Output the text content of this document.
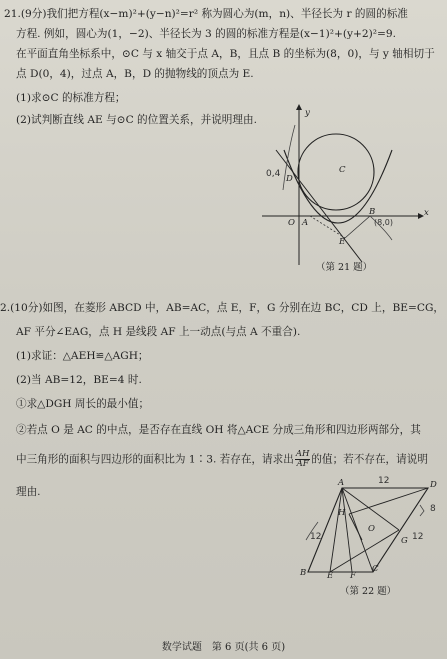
21.(9分)我们把方程(x−m)²+(y−n)²=r² 称为圆心为(m，n)、半径长为 r 的圆的标准
方程. 例如，圆心为(1，−2)、半径长为 3 的圆的标准方程是(x−1)²+(y+2)²=9.
在平面直角坐标系中，⊙C 与 x 轴交于点 A，B，且点 B 的坐标为(8，0)，与 y 轴相切于
点 D(0，4)，过点 A，B，D 的抛物线的顶点为 E.
(1)求⊙C 的标准方程；
(2)试判断直线 AE 与⊙C 的位置关系，并说明理由.
y
x
O A
B
C
D
E
0,4
(8,0)
（第 21 题）
2.(10分)如图，在菱形 ABCD 中，AB=AC，点 E，F，G 分别在边 BC，CD 上，BE=CG，
AF 平分∠EAG，点 H 是线段 AF 上一动点(与点 A 不重合).
(1)求证：△AEH≌△AGH；
(2)当 AB=12，BE=4 时.
①求△DGH 周长的最小值；
②若点 O 是 AC 的中点，是否存在直线 OH 将△ACE 分成三角形和四边形两部分，其
中三角形的面积与四边形的面积比为 1∶3. 若存在，请求出 $\frac{AH}{AF}$ 的值；若不存在，请说明
理由.
A	D
B E F
C
G
H
O
12
12	12
8
（第 22 题）
数学试题　第 6 页(共 6 页)
